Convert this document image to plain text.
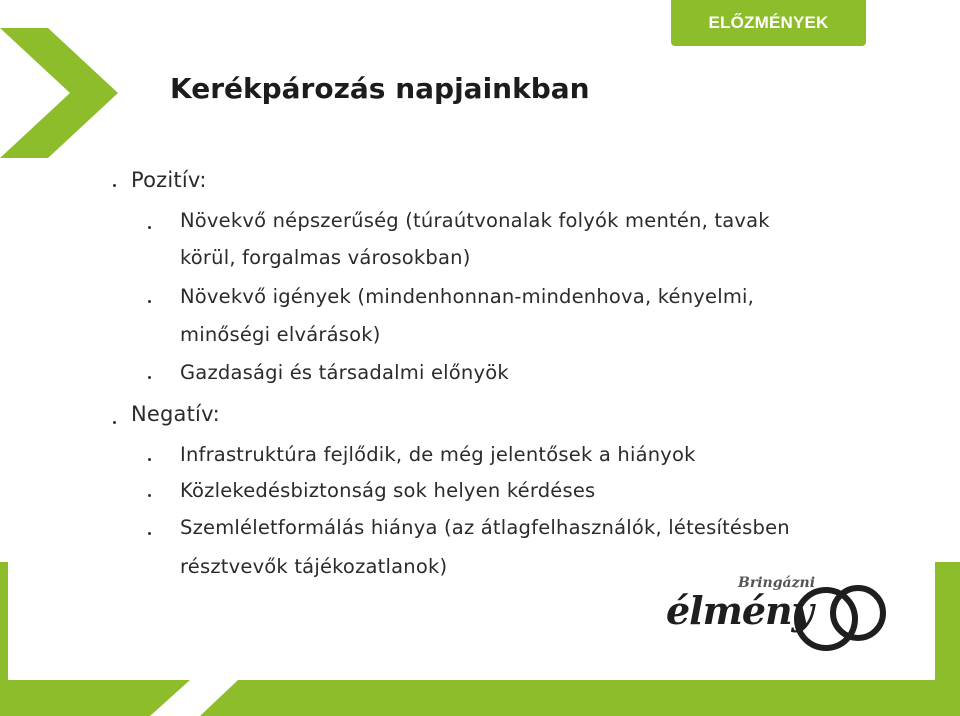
ELŐZMÉNYEK
Kerékpározás napjainkban
Pozitív:
Növekvő népszerűség (túraútvonalak folyók mentén, tavak
körül, forgalmas városokban)
Növekvő igények (mindenhonnan-mindenhova, kényelmi,
minőségi elvárások)
Gazdasági és társadalmi előnyök
Negatív:
Infrastruktúra fejlődik, de még jelentősek a hiányok
Közlekedésbiztonság sok helyen kérdéses
Szemléletformálás hiánya (az átlagfelhasználók, létesítésben
résztvevők tájékozatlanok)
Bringázni
élmény
